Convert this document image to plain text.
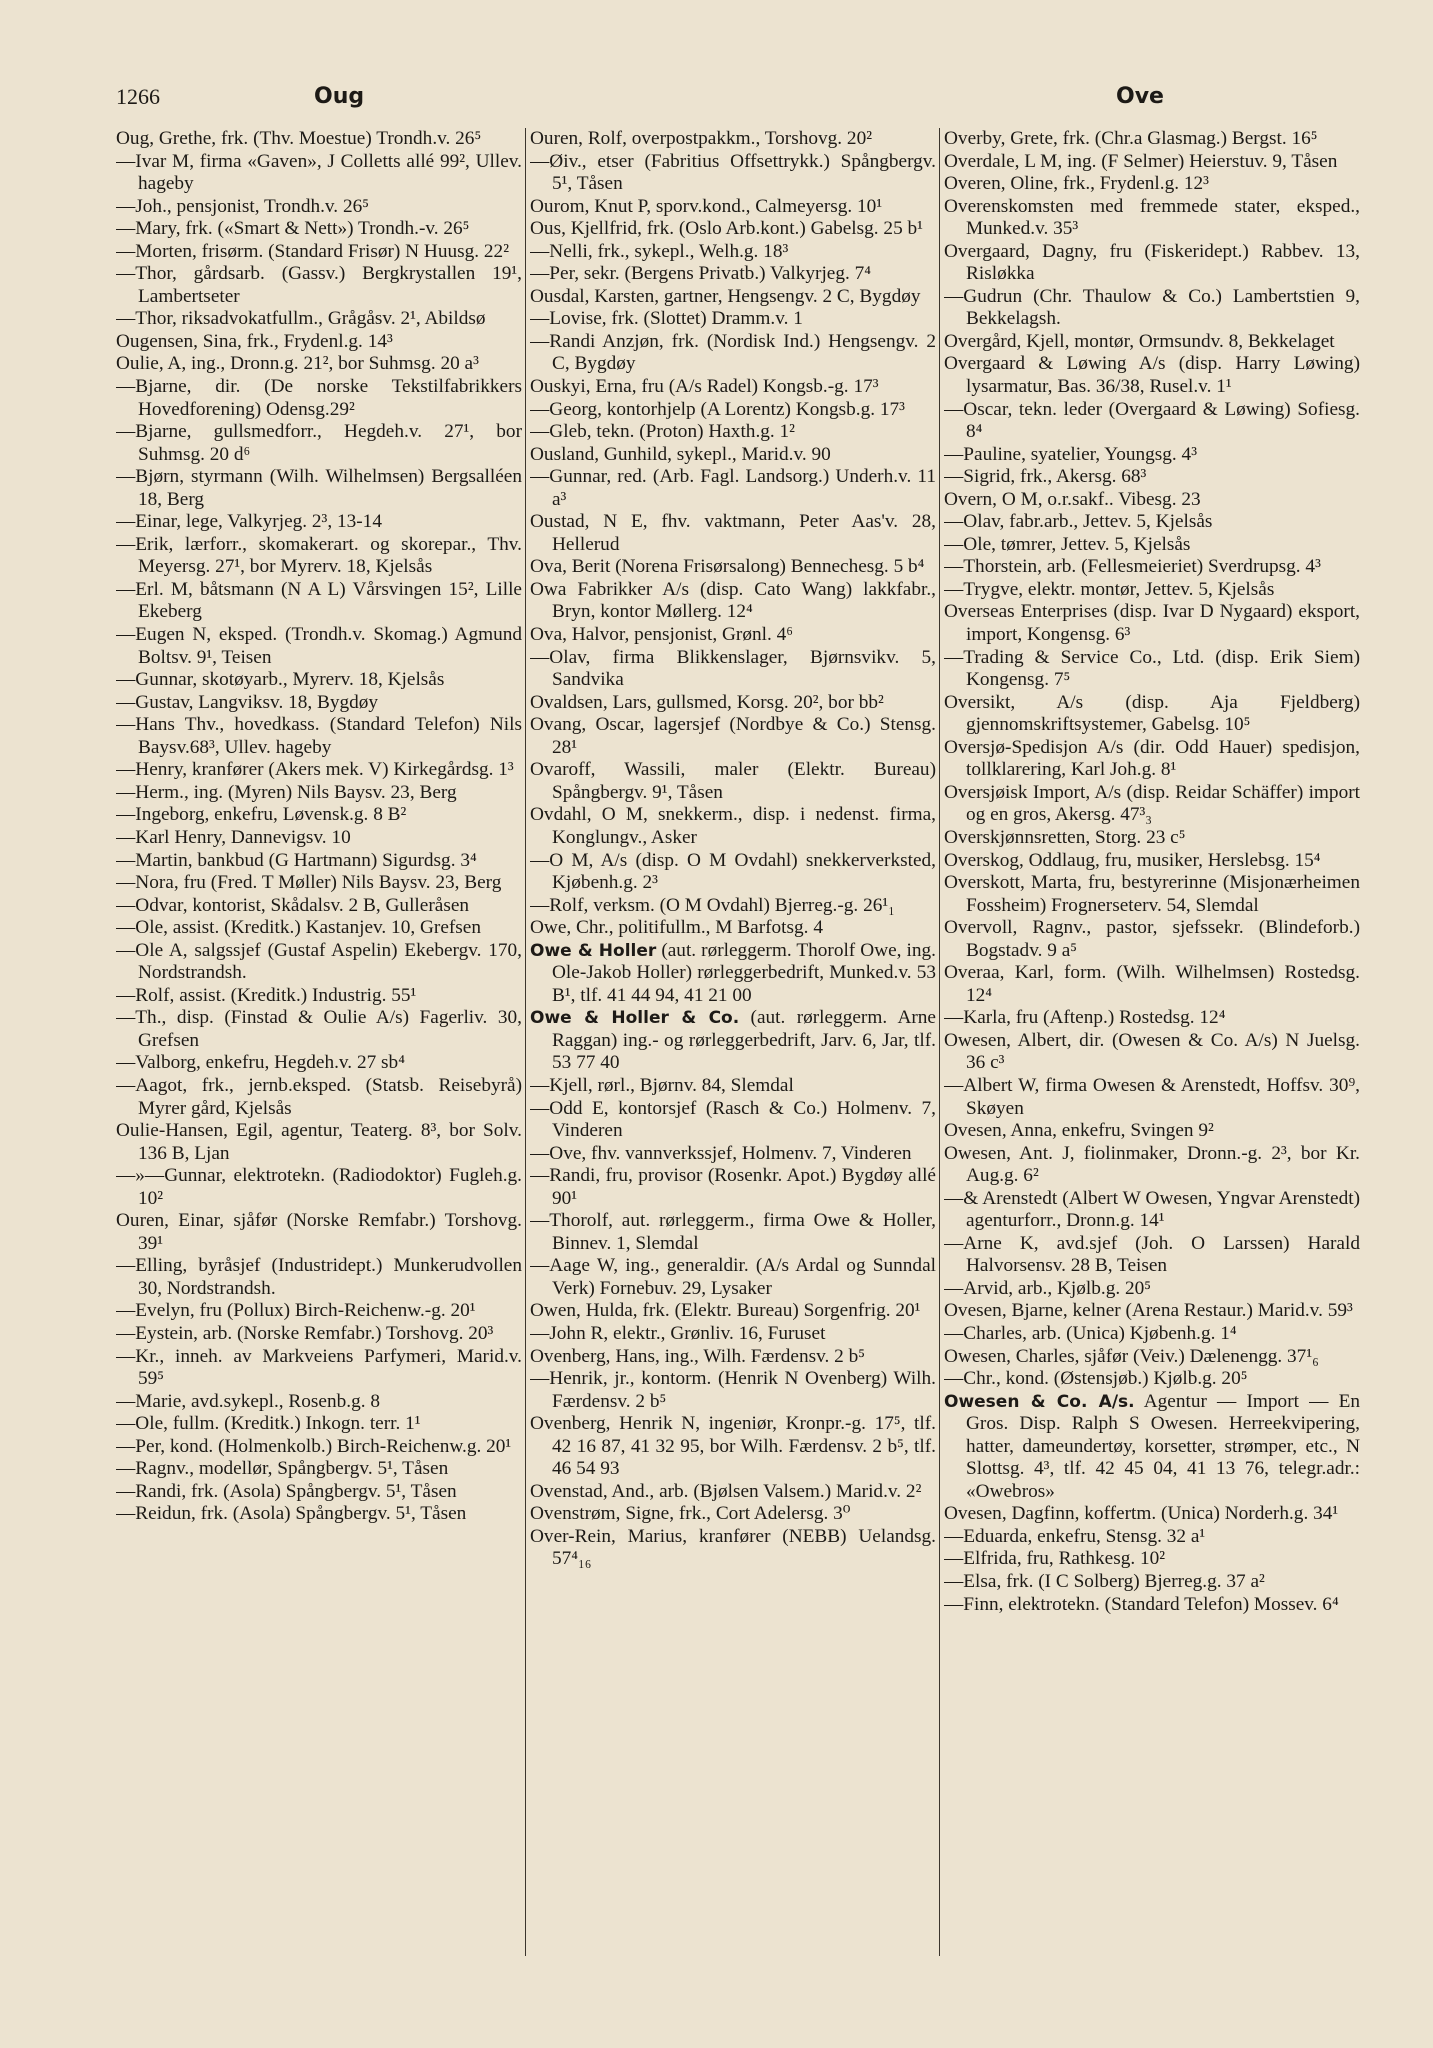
1266	Oug	Ove

Oug, Grethe, frk. (Thv. Moestue) Trondh.v. 26⁵

—Ivar M, firma «Gaven», J Colletts allé 99², Ullev. hageby

—Joh., pensjonist, Trondh.v. 26⁵

—Mary, frk. («Smart & Nett») Trondh.-v. 26⁵

—Morten, frisørm. (Standard Frisør) N Huusg. 22²

—Thor, gårdsarb. (Gassv.) Bergkrystallen 19¹, Lambertseter

—Thor, riksadvokatfullm., Grågåsv. 2¹, Abildsø

Ougensen, Sina, frk., Frydenl.g. 14³

Oulie, A, ing., Dronn.g. 21², bor Suhmsg. 20 a³

—Bjarne, dir. (De norske Tekstilfabrikkers Hovedforening) Odensg.29²

—Bjarne, gullsmedforr., Hegdeh.v. 27¹, bor Suhmsg. 20 d⁶

—Bjørn, styrmann (Wilh. Wilhelmsen) Bergsalléen 18, Berg

—Einar, lege, Valkyrjeg. 2³, 13-14

—Erik, lærforr., skomakerart. og skorepar., Thv. Meyersg. 27¹, bor Myrerv. 18, Kjelsås

—Erl. M, båtsmann (N A L) Vårsvingen 15², Lille Ekeberg

—Eugen N, eksped. (Trondh.v. Skomag.) Agmund Boltsv. 9¹, Teisen

—Gunnar, skotøyarb., Myrerv. 18, Kjelsås

—Gustav, Langviksv. 18, Bygdøy

—Hans Thv., hovedkass. (Standard Telefon) Nils Baysv.68³, Ullev. hageby

—Henry, kranfører (Akers mek. V) Kirkegårdsg. 1³

—Herm., ing. (Myren) Nils Baysv. 23, Berg

—Ingeborg, enkefru, Løvensk.g. 8 B²

—Karl Henry, Dannevigsv. 10

—Martin, bankbud (G Hartmann) Sigurdsg. 3⁴

—Nora, fru (Fred. T Møller) Nils Baysv. 23, Berg

—Odvar, kontorist, Skådalsv. 2 B, Gulleråsen

—Ole, assist. (Kreditk.) Kastanjev. 10, Grefsen

—Ole A, salgssjef (Gustaf Aspelin) Ekebergv. 170, Nordstrandsh.

—Rolf, assist. (Kreditk.) Industrig. 55¹

—Th., disp. (Finstad & Oulie A/s) Fagerliv. 30, Grefsen

—Valborg, enkefru, Hegdeh.v. 27 sb⁴

—Aagot, frk., jernb.eksped. (Statsb. Reisebyrå) Myrer gård, Kjelsås

Oulie-Hansen, Egil, agentur, Teaterg. 8³, bor Solv. 136 B, Ljan

—»—Gunnar, elektrotekn. (Radiodoktor) Fugleh.g. 10²

Ouren, Einar, sjåfør (Norske Remfabr.) Torshovg. 39¹

—Elling, byråsjef (Industridept.) Munkerudvollen 30, Nordstrandsh.

—Evelyn, fru (Pollux) Birch-Reichenw.-g. 20¹

—Eystein, arb. (Norske Remfabr.) Torshovg. 20³

—Kr., inneh. av Markveiens Parfymeri, Marid.v. 59⁵

—Marie, avd.sykepl., Rosenb.g. 8

—Ole, fullm. (Kreditk.) Inkogn. terr. 1¹

—Per, kond. (Holmenkolb.) Birch-Reichenw.g. 20¹

—Ragnv., modellør, Spångbergv. 5¹, Tåsen

—Randi, frk. (Asola) Spångbergv. 5¹, Tåsen

—Reidun, frk. (Asola) Spångbergv. 5¹, Tåsen

Ouren, Rolf, overpostpakkm., Torshovg. 20²

—Øiv., etser (Fabritius Offsettrykk.) Spångbergv. 5¹, Tåsen

Ourom, Knut P, sporv.kond., Calmeyersg. 10¹

Ous, Kjellfrid, frk. (Oslo Arb.kont.) Gabelsg. 25 b¹

—Nelli, frk., sykepl., Welh.g. 18³

—Per, sekr. (Bergens Privatb.) Valkyrjeg. 7⁴

Ousdal, Karsten, gartner, Hengsengv. 2 C, Bygdøy

—Lovise, frk. (Slottet) Dramm.v. 1

—Randi Anzjøn, frk. (Nordisk Ind.) Hengsengv. 2 C, Bygdøy

Ouskyi, Erna, fru (A/s Radel) Kongsb.-g. 17³

—Georg, kontorhjelp (A Lorentz) Kongsb.g. 17³

—Gleb, tekn. (Proton) Haxth.g. 1²

Ousland, Gunhild, sykepl., Marid.v. 90

—Gunnar, red. (Arb. Fagl. Landsorg.) Underh.v. 11 a³

Oustad, N E, fhv. vaktmann, Peter Aas'v. 28, Hellerud

Ova, Berit (Norena Frisørsalong) Bennechesg. 5 b⁴

Owa Fabrikker A/s (disp. Cato Wang) lakkfabr., Bryn, kontor Møllerg. 12⁴

Ova, Halvor, pensjonist, Grønl. 4⁶

—Olav, firma Blikkenslager, Bjørnsvikv. 5, Sandvika

Ovaldsen, Lars, gullsmed, Korsg. 20², bor bb²

Ovang, Oscar, lagersjef (Nordbye & Co.) Stensg. 28¹

Ovaroff, Wassili, maler (Elektr. Bureau) Spångbergv. 9¹, Tåsen

Ovdahl, O M, snekkerm., disp. i nedenst. firma, Konglungv., Asker

—O M, A/s (disp. O M Ovdahl) snekkerverksted, Kjøbenh.g. 2³

—Rolf, verksm. (O M Ovdahl) Bjerreg.-g. 26¹₁

Owe, Chr., politifullm., M Barfotsg. 4

Owe & Holler (aut. rørleggerm. Thorolf Owe, ing. Ole-Jakob Holler) rørleggerbedrift, Munked.v. 53 B¹, tlf. 41 44 94, 41 21 00

Owe & Holler & Co. (aut. rørleggerm. Arne Raggan) ing.- og rørleggerbedrift, Jarv. 6, Jar, tlf. 53 77 40

—Kjell, rørl., Bjørnv. 84, Slemdal

—Odd E, kontorsjef (Rasch & Co.) Holmenv. 7, Vinderen

—Ove, fhv. vannverkssjef, Holmenv. 7, Vinderen

—Randi, fru, provisor (Rosenkr. Apot.) Bygdøy allé 90¹

—Thorolf, aut. rørleggerm., firma Owe & Holler, Binnev. 1, Slemdal

—Aage W, ing., generaldir. (A/s Ardal og Sunndal Verk) Fornebuv. 29, Lysaker

Owen, Hulda, frk. (Elektr. Bureau) Sorgenfrig. 20¹

—John R, elektr., Grønliv. 16, Furuset

Ovenberg, Hans, ing., Wilh. Færdensv. 2 b⁵

—Henrik, jr., kontorm. (Henrik N Ovenberg) Wilh. Færdensv. 2 b⁵

Ovenberg, Henrik N, ingeniør, Kronpr.-g. 17⁵, tlf. 42 16 87, 41 32 95, bor Wilh. Færdensv. 2 b⁵, tlf. 46 54 93

Ovenstad, And., arb. (Bjølsen Valsem.) Marid.v. 2²

Ovenstrøm, Signe, frk., Cort Adelersg. 3⁰

Over-Rein, Marius, kranfører (NEBB) Uelandsg. 57⁴₁₆

Overby, Grete, frk. (Chr.a Glasmag.) Bergst. 16⁵

Overdale, L M, ing. (F Selmer) Heierstuv. 9, Tåsen

Overen, Oline, frk., Frydenl.g. 12³

Overenskomsten med fremmede stater, eksped., Munked.v. 35³

Overgaard, Dagny, fru (Fiskeridept.) Rabbev. 13, Risløkka

—Gudrun (Chr. Thaulow & Co.) Lambertstien 9, Bekkelagsh.

Overgård, Kjell, montør, Ormsundv. 8, Bekkelaget

Overgaard & Løwing A/s (disp. Harry Løwing) lysarmatur, Bas. 36/38, Rusel.v. 1¹

—Oscar, tekn. leder (Overgaard & Løwing) Sofiesg. 8⁴

—Pauline, syatelier, Youngsg. 4³

—Sigrid, frk., Akersg. 68³

Overn, O M, o.r.sakf.. Vibesg. 23

—Olav, fabr.arb., Jettev. 5, Kjelsås

—Ole, tømrer, Jettev. 5, Kjelsås

—Thorstein, arb. (Fellesmeieriet) Sverdrupsg. 4³

—Trygve, elektr. montør, Jettev. 5, Kjelsås

Overseas Enterprises (disp. Ivar D Nygaard) eksport, import, Kongensg. 6³

—Trading & Service Co., Ltd. (disp. Erik Siem) Kongensg. 7⁵

Oversikt, A/s (disp. Aja Fjeldberg) gjennomskriftsystemer, Gabelsg. 10⁵

Oversjø-Spedisjon A/s (dir. Odd Hauer) spedisjon, tollklarering, Karl Joh.g. 8¹

Oversjøisk Import, A/s (disp. Reidar Schäffer) import og en gros, Akersg. 47³₃

Overskjønnsretten, Storg. 23 c⁵

Overskog, Oddlaug, fru, musiker, Herslebsg. 15⁴

Overskott, Marta, fru, bestyrerinne (Misjonærheimen Fossheim) Frognerseterv. 54, Slemdal

Overvoll, Ragnv., pastor, sjefssekr. (Blindeforb.) Bogstadv. 9 a⁵

Overaa, Karl, form. (Wilh. Wilhelmsen) Rostedsg. 12⁴

—Karla, fru (Aftenp.) Rostedsg. 12⁴

Owesen, Albert, dir. (Owesen & Co. A/s) N Juelsg. 36 c³

—Albert W, firma Owesen & Arenstedt, Hoffsv. 30⁹, Skøyen

Ovesen, Anna, enkefru, Svingen 9²

Owesen, Ant. J, fiolinmaker, Dronn.-g. 2³, bor Kr. Aug.g. 6²

—& Arenstedt (Albert W Owesen, Yngvar Arenstedt) agenturforr., Dronn.g. 14¹

—Arne K, avd.sjef (Joh. O Larssen) Harald Halvorsensv. 28 B, Teisen

—Arvid, arb., Kjølb.g. 20⁵

Ovesen, Bjarne, kelner (Arena Restaur.) Marid.v. 59³

—Charles, arb. (Unica) Kjøbenh.g. 1⁴

Owesen, Charles, sjåfør (Veiv.) Dælenengg. 37¹₆

—Chr., kond. (Østensjøb.) Kjølb.g. 20⁵

Owesen & Co. A/s. Agentur — Import — En Gros. Disp. Ralph S Owesen. Herreekvipering, hatter, dameundertøy, korsetter, strømper, etc., N Slottsg. 4³, tlf. 42 45 04, 41 13 76, telegr.adr.: «Owebros»

Ovesen, Dagfinn, koffertm. (Unica) Norderh.g. 34¹

—Eduarda, enkefru, Stensg. 32 a¹

—Elfrida, fru, Rathkesg. 10²

—Elsa, frk. (I C Solberg) Bjerreg.g. 37 a²

—Finn, elektrotekn. (Standard Telefon) Mossev. 6⁴
